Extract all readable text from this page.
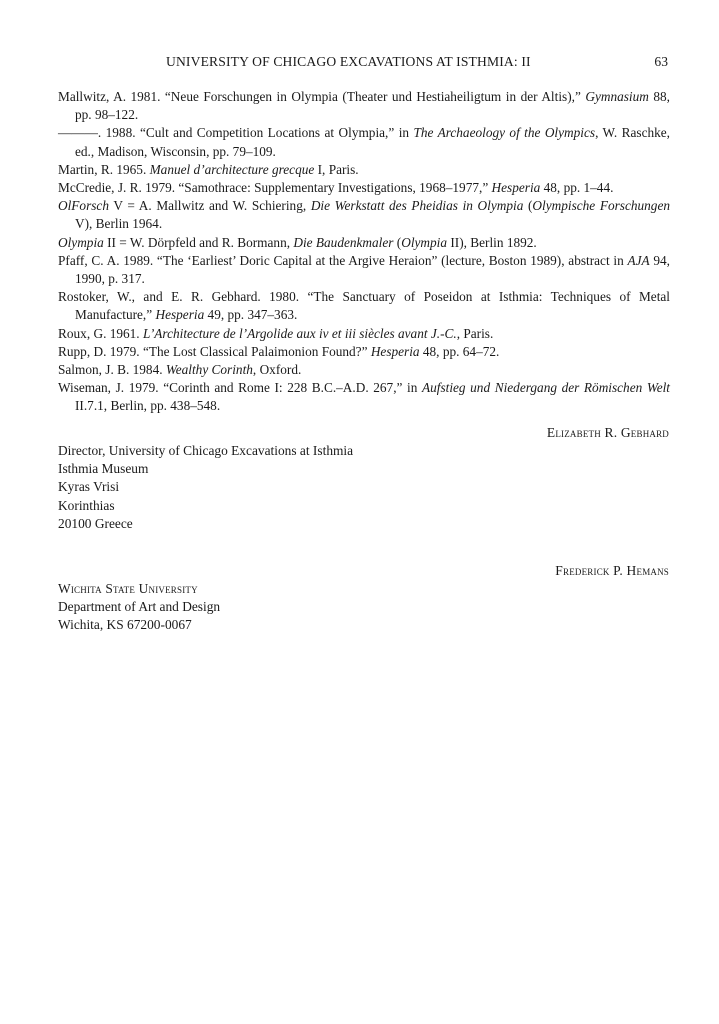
UNIVERSITY OF CHICAGO EXCAVATIONS AT ISTHMIA: II	63

Mallwitz, A. 1981. “Neue Forschungen in Olympia (Theater und Hestiaheiligtum in der Altis),” Gymnasium 88, pp. 98–122.

———. 1988. “Cult and Competition Locations at Olympia,” in The Archaeology of the Olympics, W. Raschke, ed., Madison, Wisconsin, pp. 79–109.

Martin, R. 1965. Manuel d’architecture grecque I, Paris.

McCredie, J. R. 1979. “Samothrace: Supplementary Investigations, 1968–1977,” Hesperia 48, pp. 1–44.

OlForsch V = A. Mallwitz and W. Schiering, Die Werkstatt des Pheidias in Olympia (Olympische Forschungen V), Berlin 1964.

Olympia II = W. Dörpfeld and R. Bormann, Die Baudenkmaler (Olympia II), Berlin 1892.

Pfaff, C. A. 1989. “The ‘Earliest’ Doric Capital at the Argive Heraion” (lecture, Boston 1989), abstract in AJA 94, 1990, p. 317.

Rostoker, W., and E. R. Gebhard. 1980. “The Sanctuary of Poseidon at Isthmia: Techniques of Metal Manufacture,” Hesperia 49, pp. 347–363.

Roux, G. 1961. L’Architecture de l’Argolide aux iv et iii siècles avant J.-C., Paris.

Rupp, D. 1979. “The Lost Classical Palaimonion Found?” Hesperia 48, pp. 64–72.

Salmon, J. B. 1984. Wealthy Corinth, Oxford.

Wiseman, J. 1979. “Corinth and Rome I: 228 B.C.–A.D. 267,” in Aufstieg und Niedergang der Römischen Welt II.7.1, Berlin, pp. 438–548.

Elizabeth R. Gebhard
Director, University of Chicago Excavations at Isthmia
Isthmia Museum
Kyras Vrisi
Korinthias
20100 Greece
Frederick P. Hemans
Wichita State University
Department of Art and Design
Wichita, KS 67200-0067
